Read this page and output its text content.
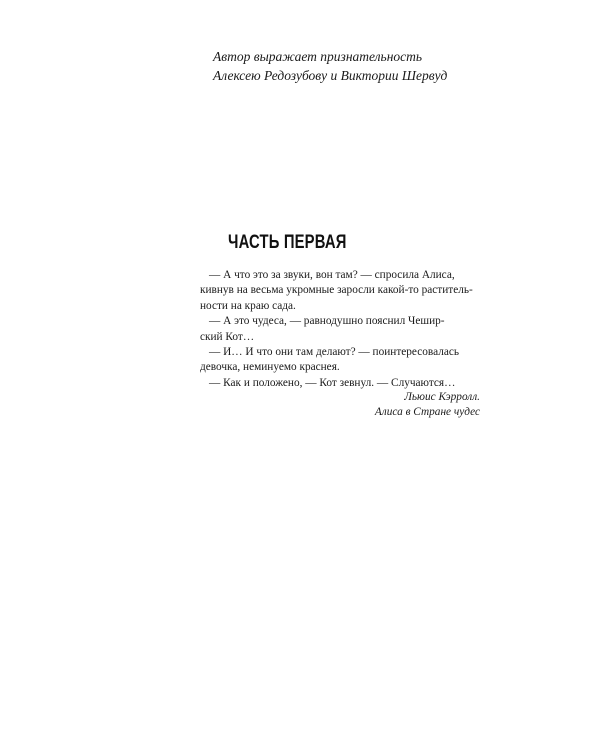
Автор выражает признательность
Алексею Редозубову и Виктории Шервуд
ЧАСТЬ ПЕРВАЯ
— А что это за звуки, вон там? — спросила Алиса,
кивнув на весьма укромные заросли какой-то раститель-
ности на краю сада.
— А это чудеса, — равнодушно пояснил Чешир-
ский Кот…
— И… И что они там делают? — поинтересовалась
девочка, неминуемо краснея.
— Как и положено, — Кот зевнул. — Случаются…
Льюис Кэрролл.
Алиса в Стране чудес
